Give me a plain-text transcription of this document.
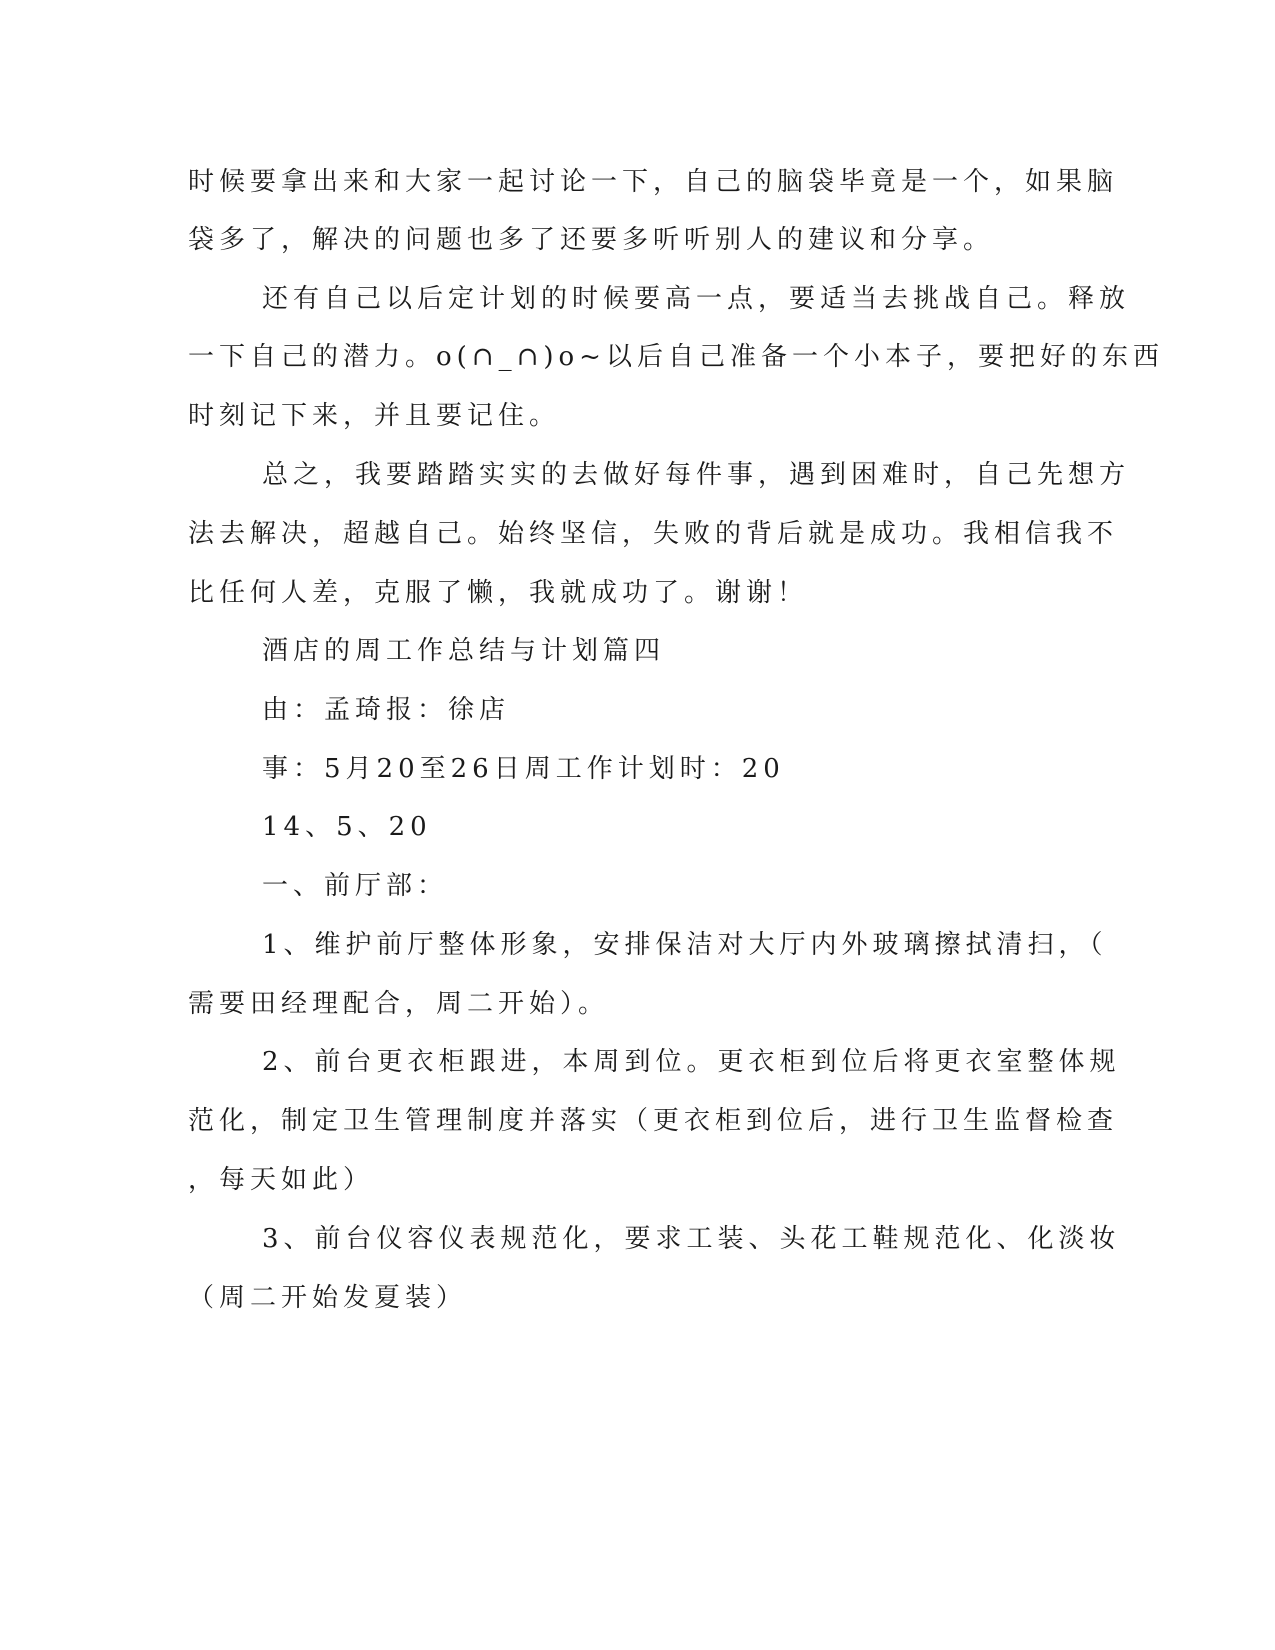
时候要拿出来和大家一起讨论一下，自己的脑袋毕竟是一个，如果脑
袋多了，解决的问题也多了还要多听听别人的建议和分享。
还有自己以后定计划的时候要高一点，要适当去挑战自己。释放
一下自己的潜力。o(∩_∩)o~以后自己准备一个小本子，要把好的东西
时刻记下来，并且要记住。
总之，我要踏踏实实的去做好每件事，遇到困难时，自己先想方
法去解决，超越自己。始终坚信，失败的背后就是成功。我相信我不
比任何人差，克服了懒，我就成功了。谢谢！
酒店的周工作总结与计划篇四
由：孟琦报：徐店
事：5月20至26日周工作计划时：20
14、5、20
一、前厅部：
1、维护前厅整体形象，安排保洁对大厅内外玻璃擦拭清扫，（
需要田经理配合，周二开始）。
2、前台更衣柜跟进，本周到位。更衣柜到位后将更衣室整体规
范化，制定卫生管理制度并落实（更衣柜到位后，进行卫生监督检查
，每天如此）
3、前台仪容仪表规范化，要求工装、头花工鞋规范化、化淡妆
（周二开始发夏装）
